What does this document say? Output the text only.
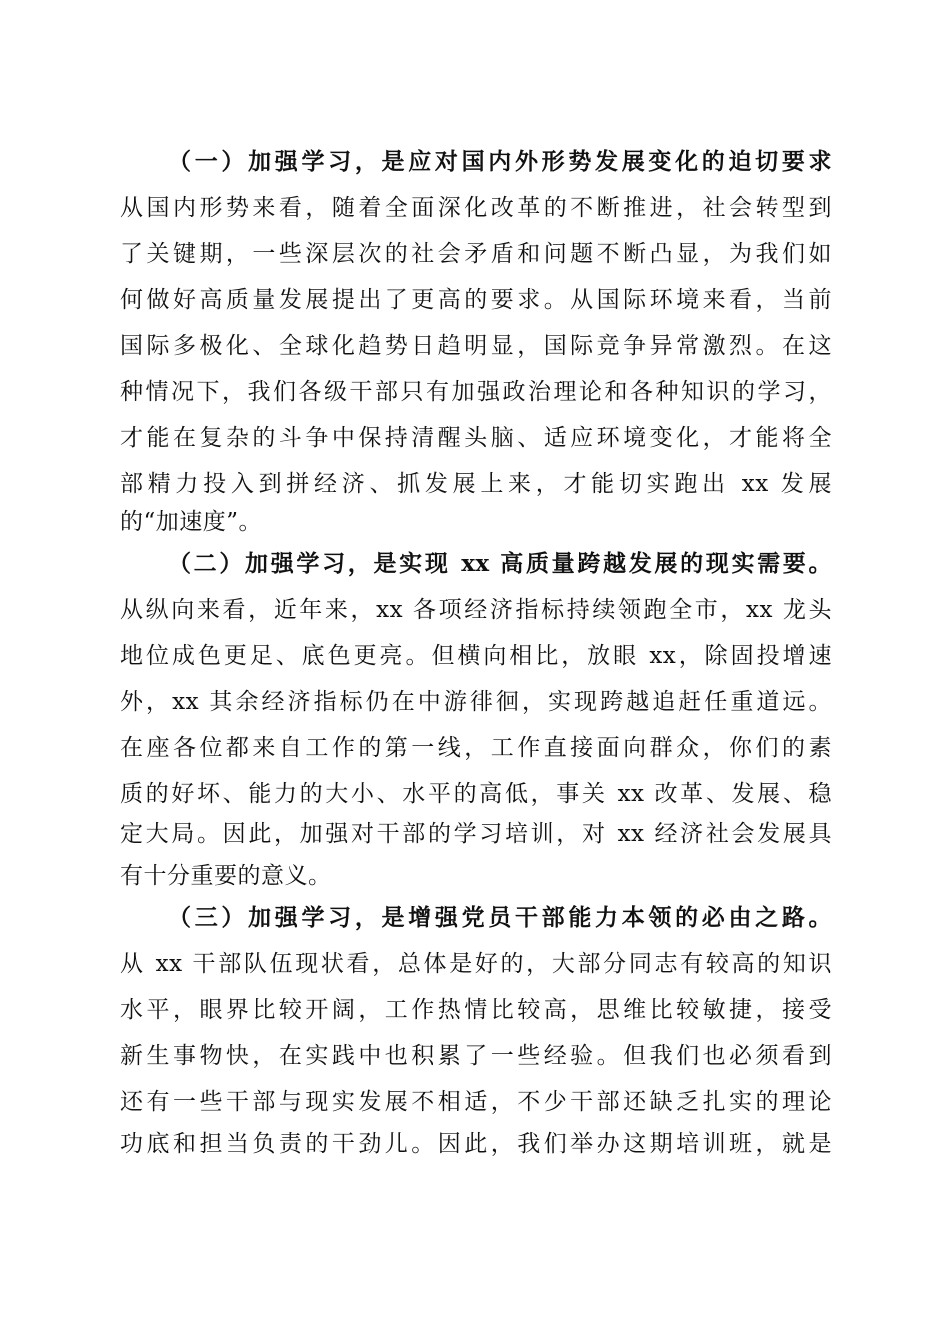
（一）加强学习，是应对国内外形势发展变化的迫切要求
从国内形势来看，随着全面深化改革的不断推进，社会转型到
了关键期，一些深层次的社会矛盾和问题不断凸显，为我们如
何做好高质量发展提出了更高的要求。从国际环境来看，当前
国际多极化、全球化趋势日趋明显，国际竞争异常激烈。在这
种情况下，我们各级干部只有加强政治理论和各种知识的学习，
才能在复杂的斗争中保持清醒头脑、适应环境变化，才能将全
部精力投入到拼经济、抓发展上来，才能切实跑出 xx 发展
的“加速度”。
（二）加强学习，是实现 xx 高质量跨越发展的现实需要。
从纵向来看，近年来，xx 各项经济指标持续领跑全市，xx 龙头
地位成色更足、底色更亮。但横向相比，放眼 xx，除固投增速
外，xx 其余经济指标仍在中游徘徊，实现跨越追赶任重道远。
在座各位都来自工作的第一线，工作直接面向群众，你们的素
质的好坏、能力的大小、水平的高低，事关 xx 改革、发展、稳
定大局。因此，加强对干部的学习培训，对 xx 经济社会发展具
有十分重要的意义。
（三）加强学习，是增强党员干部能力本领的必由之路。
从 xx 干部队伍现状看，总体是好的，大部分同志有较高的知识
水平，眼界比较开阔，工作热情比较高，思维比较敏捷，接受
新生事物快，在实践中也积累了一些经验。但我们也必须看到
还有一些干部与现实发展不相适，不少干部还缺乏扎实的理论
功底和担当负责的干劲儿。因此，我们举办这期培训班，就是
